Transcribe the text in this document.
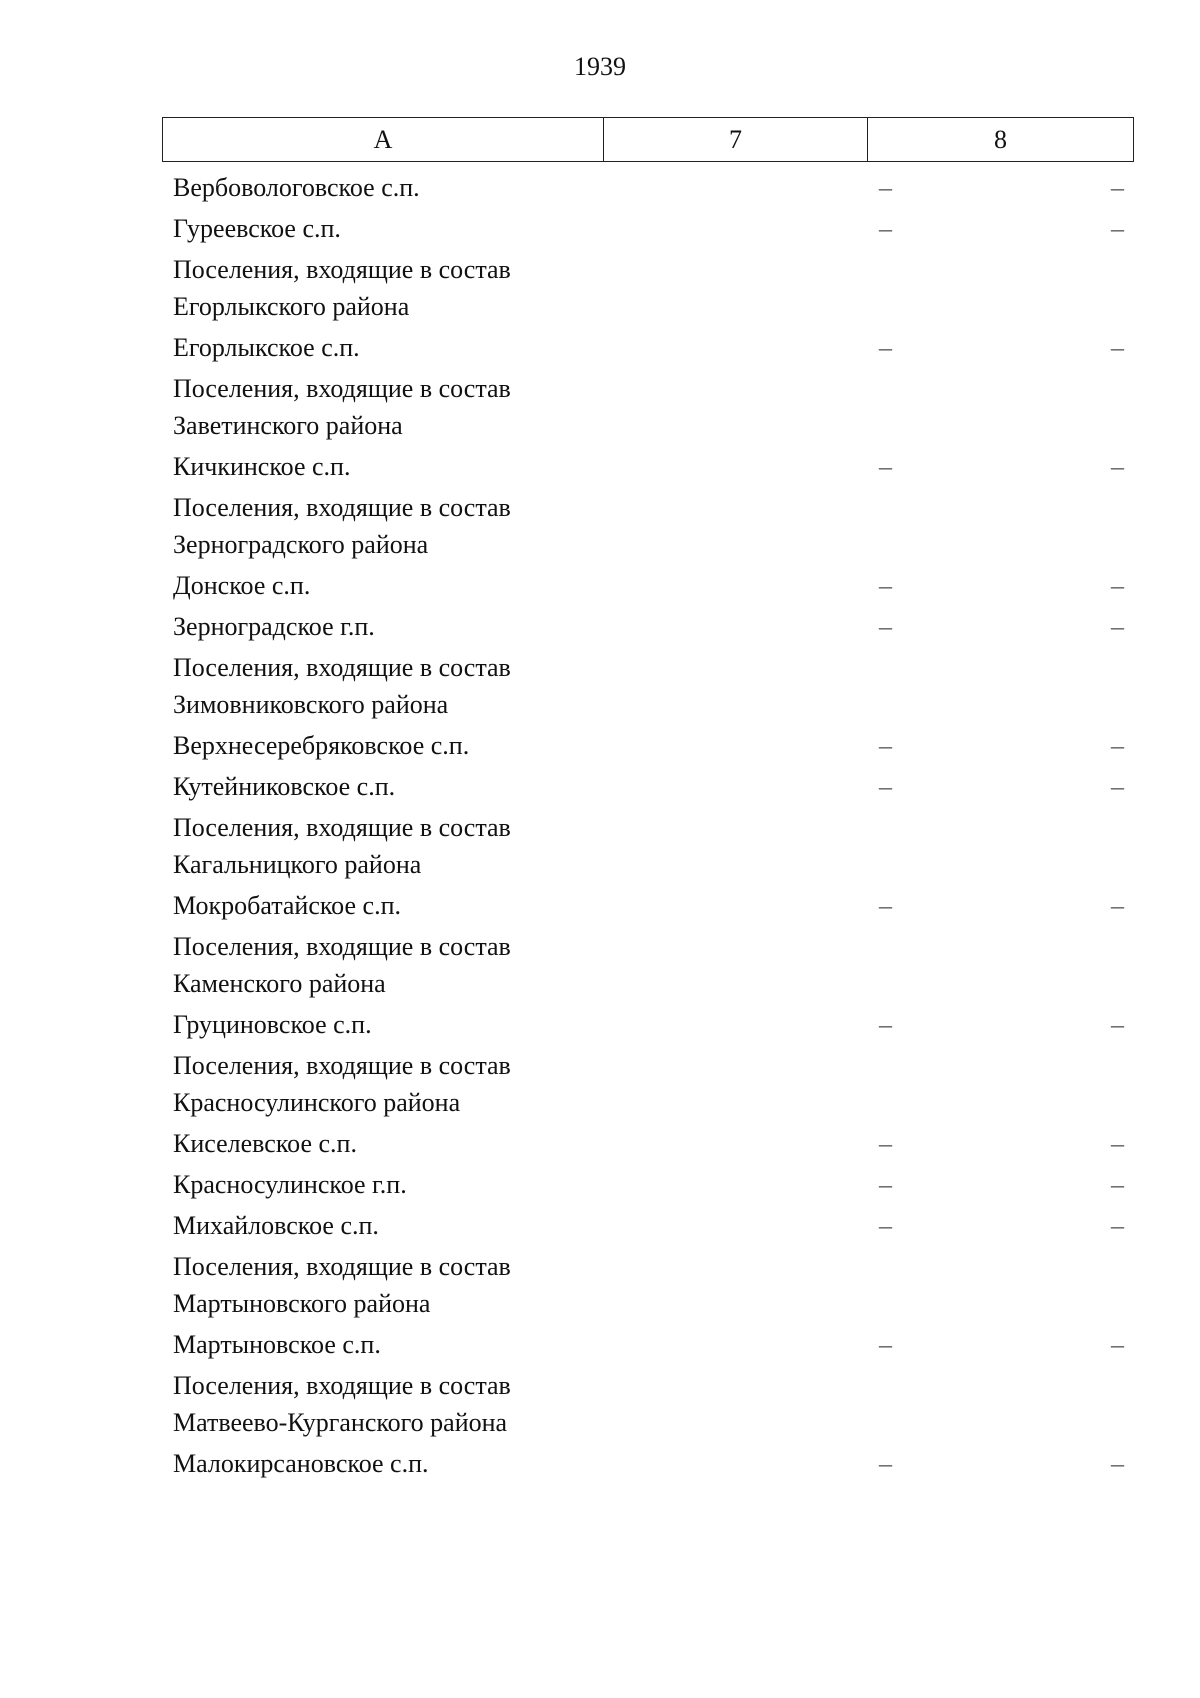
1939
А	7	8
Вербовологовское с.п.	–	–
Гуреевское с.п.	–	–
Поселения, входящие в состав
Егорлыкского района
Егорлыкское с.п.	–	–
Поселения, входящие в состав
Заветинского района
Кичкинское с.п.	–	–
Поселения, входящие в состав
Зерноградского района
Донское с.п.	–	–
Зерноградское г.п.	–	–
Поселения, входящие в состав
Зимовниковского района
Верхнесеребряковское с.п.	–	–
Кутейниковское с.п.	–	–
Поселения, входящие в состав
Кагальницкого района
Мокробатайское с.п.	–	–
Поселения, входящие в состав
Каменского района
Груциновское с.п.	–	–
Поселения, входящие в состав
Красносулинского района
Киселевское с.п.	–	–
Красносулинское г.п.	–	–
Михайловское с.п.	–	–
Поселения, входящие в состав
Мартыновского района
Мартыновское с.п.	–	–
Поселения, входящие в состав
Матвеево-Курганского района
Малокирсановское с.п.	–	–
